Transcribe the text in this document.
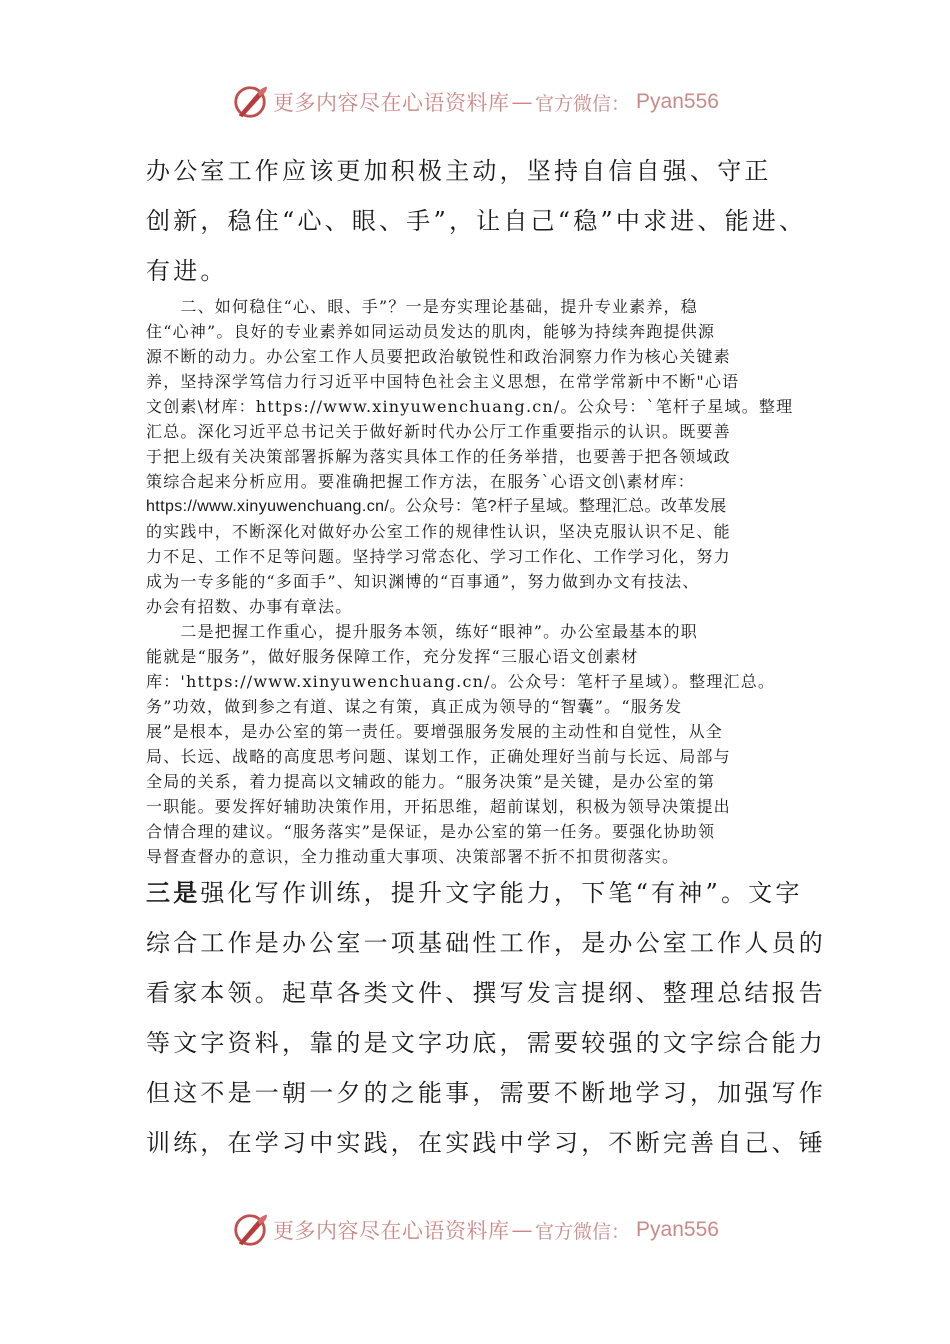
更多内容尽在心语资料库 — 官方微信： Pyan556
办公室工作应该更加积极主动，坚持自信自强、守正
创新，稳住“心、眼、手”，让自己“稳”中求进、能进、
有进。
　　二、如何稳住“心、眼、手”？一是夯实理论基础，提升专业素养，稳
住“心神”。良好的专业素养如同运动员发达的肌肉，能够为持续奔跑提供源
源不断的动力。办公室工作人员要把政治敏锐性和政治洞察力作为核心关键素
养，坚持深学笃信力行习近平中国特色社会主义思想，在常学常新中不断"心语
文创素\材库：https://www.xinyuwenchuang.cn/。公众号：`笔杆子星域。整理
汇总。深化习近平总书记关于做好新时代办公厅工作重要指示的认识。既要善
于把上级有关决策部署拆解为落实具体工作的任务举措，也要善于把各领域政
策综合起来分析应用。要准确把握工作方法，在服务`心语文创\素材库：
https://www.xinyuwenchuang.cn/。公众号：笔?杆子星域。整理汇总。改革发展
的实践中，不断深化对做好办公室工作的规律性认识，坚决克服认识不足、能
力不足、工作不足等问题。坚持学习常态化、学习工作化、工作学习化，努力
成为一专多能的“多面手”、知识渊博的“百事通”，努力做到办文有技法、
办会有招数、办事有章法。
　　二是把握工作重心，提升服务本领，练好“眼神”。办公室最基本的职
能就是“服务”，做好服务保障工作，充分发挥“三服心语文创素材
库：'https://www.xinyuwenchuang.cn/。公众号：笔杆子星域）。整理汇总。
务”功效，做到参之有道、谋之有策，真正成为领导的“智囊”。“服务发
展”是根本，是办公室的第一责任。要增强服务发展的主动性和自觉性，从全
局、长远、战略的高度思考问题、谋划工作，正确处理好当前与长远、局部与
全局的关系，着力提高以文辅政的能力。“服务决策”是关键，是办公室的第
一职能。要发挥好辅助决策作用，开拓思维，超前谋划，积极为领导决策提出
合情合理的建议。“服务落实”是保证，是办公室的第一任务。要强化协助领
导督查督办的意识，全力推动重大事项、决策部署不折不扣贯彻落实。
三是强化写作训练，提升文字能力，下笔“有神”。文字
综合工作是办公室一项基础性工作，是办公室工作人员的
看家本领。起草各类文件、撰写发言提纲、整理总结报告
等文字资料，靠的是文字功底，需要较强的文字综合能力
但这不是一朝一夕的之能事，需要不断地学习，加强写作
训练，在学习中实践，在实践中学习，不断完善自己、锤
更多内容尽在心语资料库 — 官方微信： Pyan556
